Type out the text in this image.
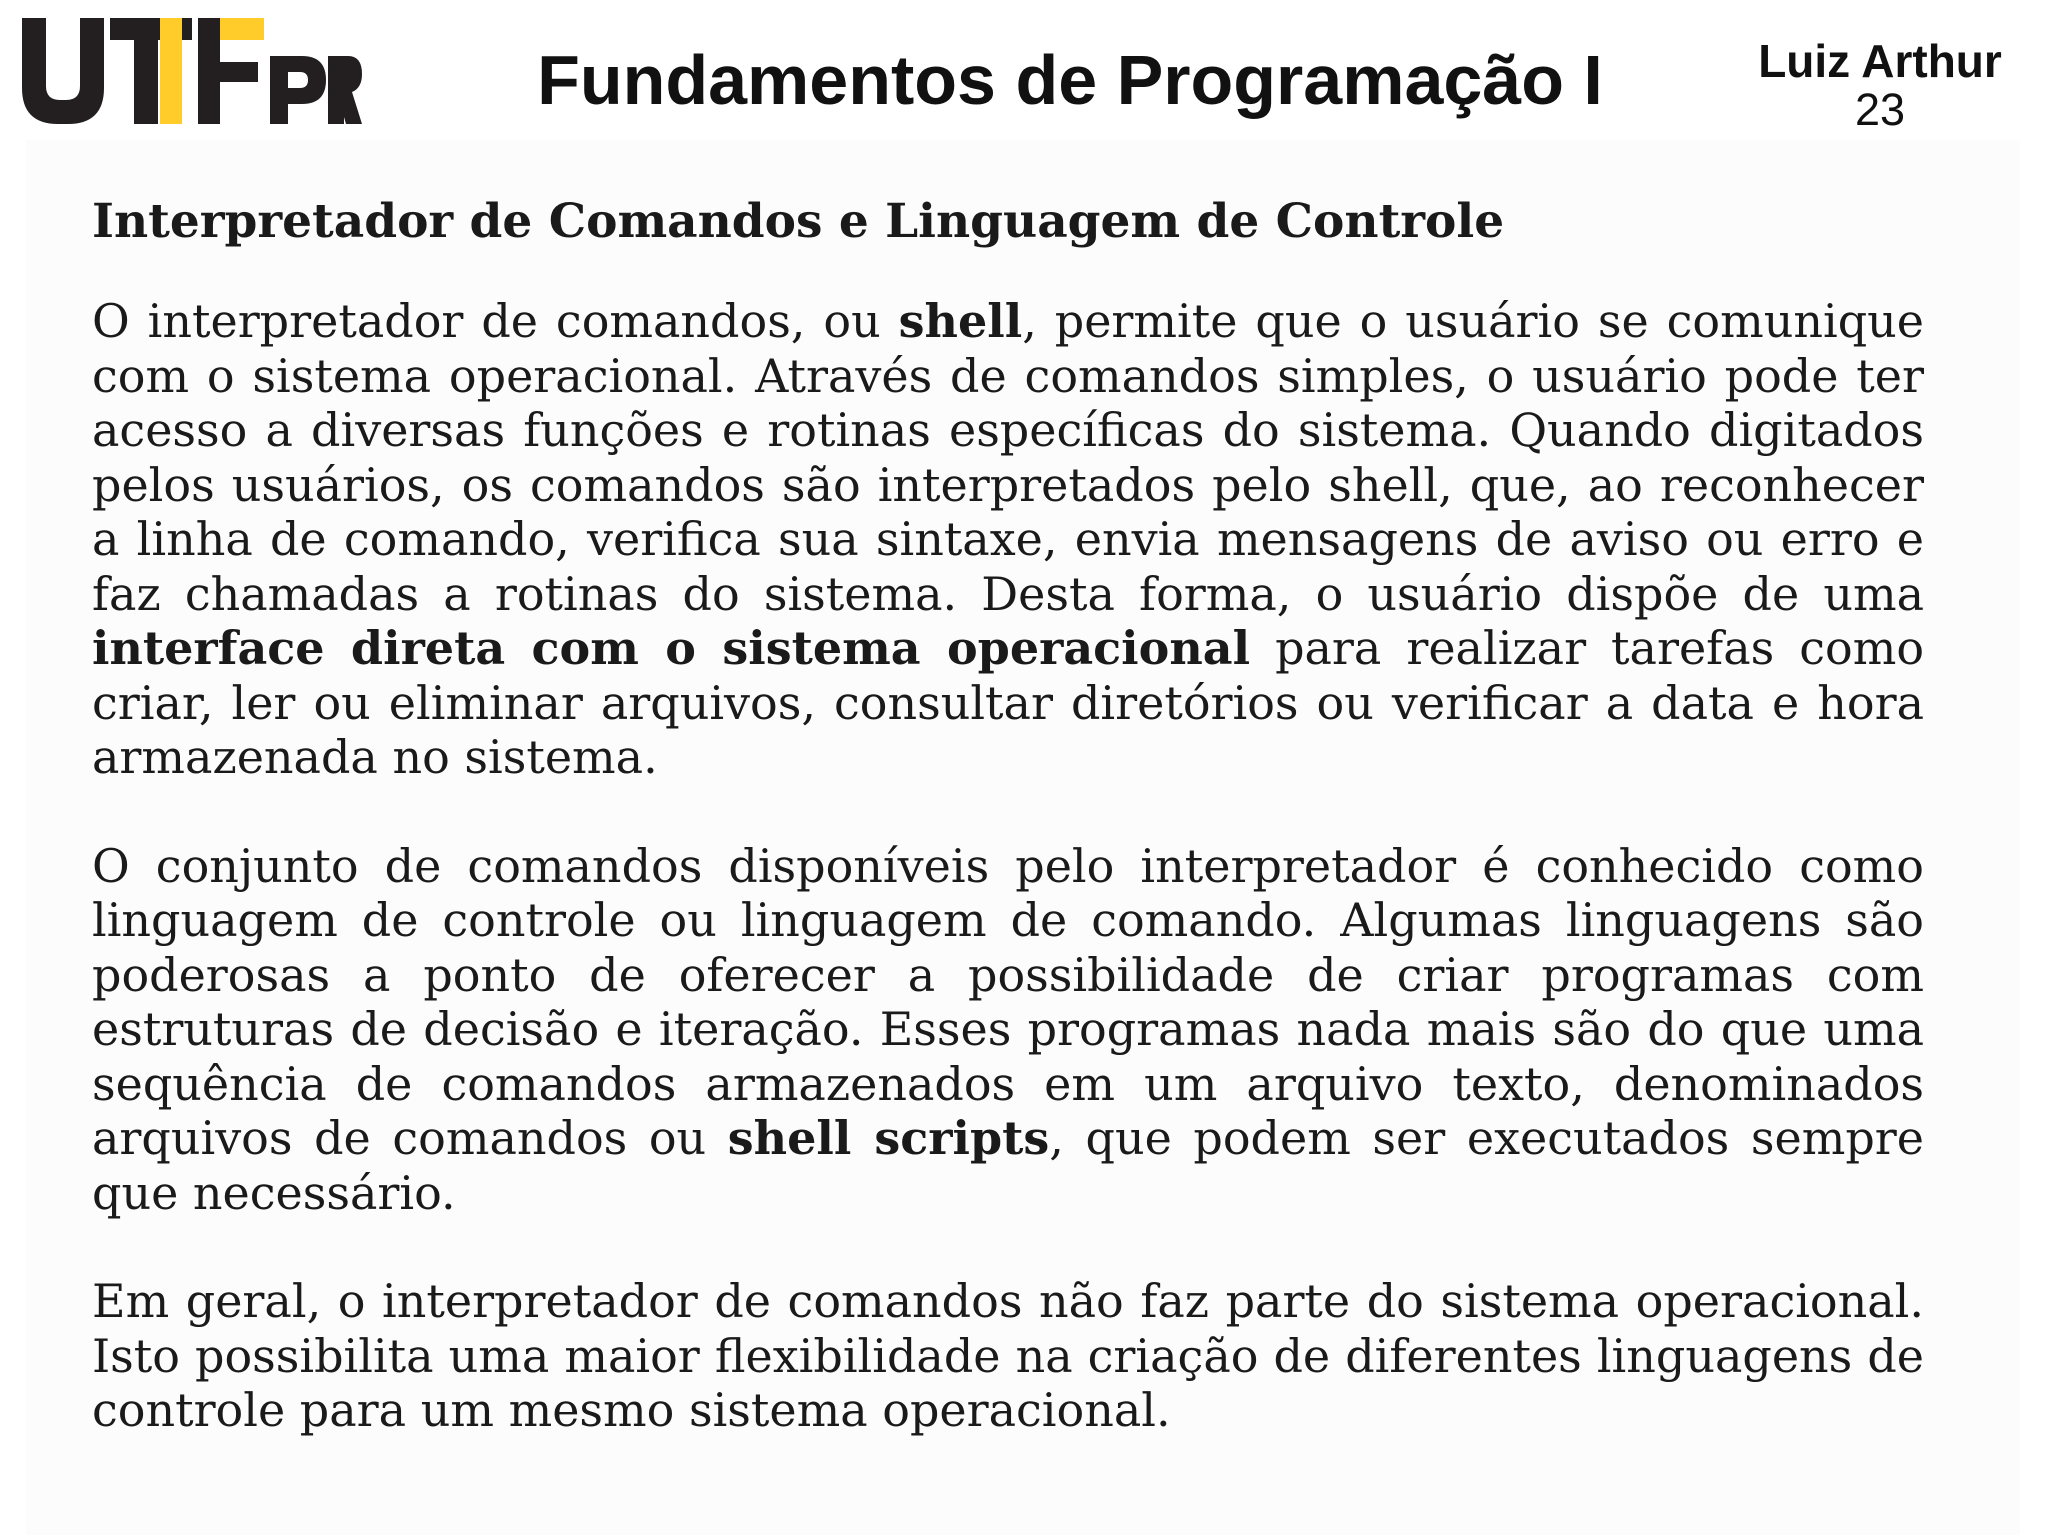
Fundamentos de Programação I	Luiz Arthur
23
Interpretador de Comandos e Linguagem de Controle

O interpretador de comandos, ou shell, permite que o usuário se comunique com o sistema operacional. Através de comandos simples, o usuário pode ter acesso a diversas funções e rotinas específicas do sistema. Quando digitados pelos usuários, os comandos são interpretados pelo shell, que, ao reconhecer a linha de comando, verifica sua sintaxe, envia mensagens de aviso ou erro e faz chamadas a rotinas do sistema. Desta forma, o usuário dispõe de uma interface direta com o sistema operacional para realizar tarefas como criar, ler ou eliminar arquivos, consultar diretórios ou verificar a data e hora armazenada no sistema.

O conjunto de comandos disponíveis pelo interpretador é conhecido como linguagem de controle ou linguagem de comando. Algumas linguagens são poderosas a ponto de oferecer a possibilidade de criar programas com estruturas de decisão e iteração. Esses programas nada mais são do que uma sequência de comandos armazenados em um arquivo texto, denominados arquivos de comandos ou shell scripts, que podem ser executados sempre que necessário.

Em geral, o interpretador de comandos não faz parte do sistema operacional. Isto possibilita uma maior flexibilidade na criação de diferentes linguagens de controle para um mesmo sistema operacional.
